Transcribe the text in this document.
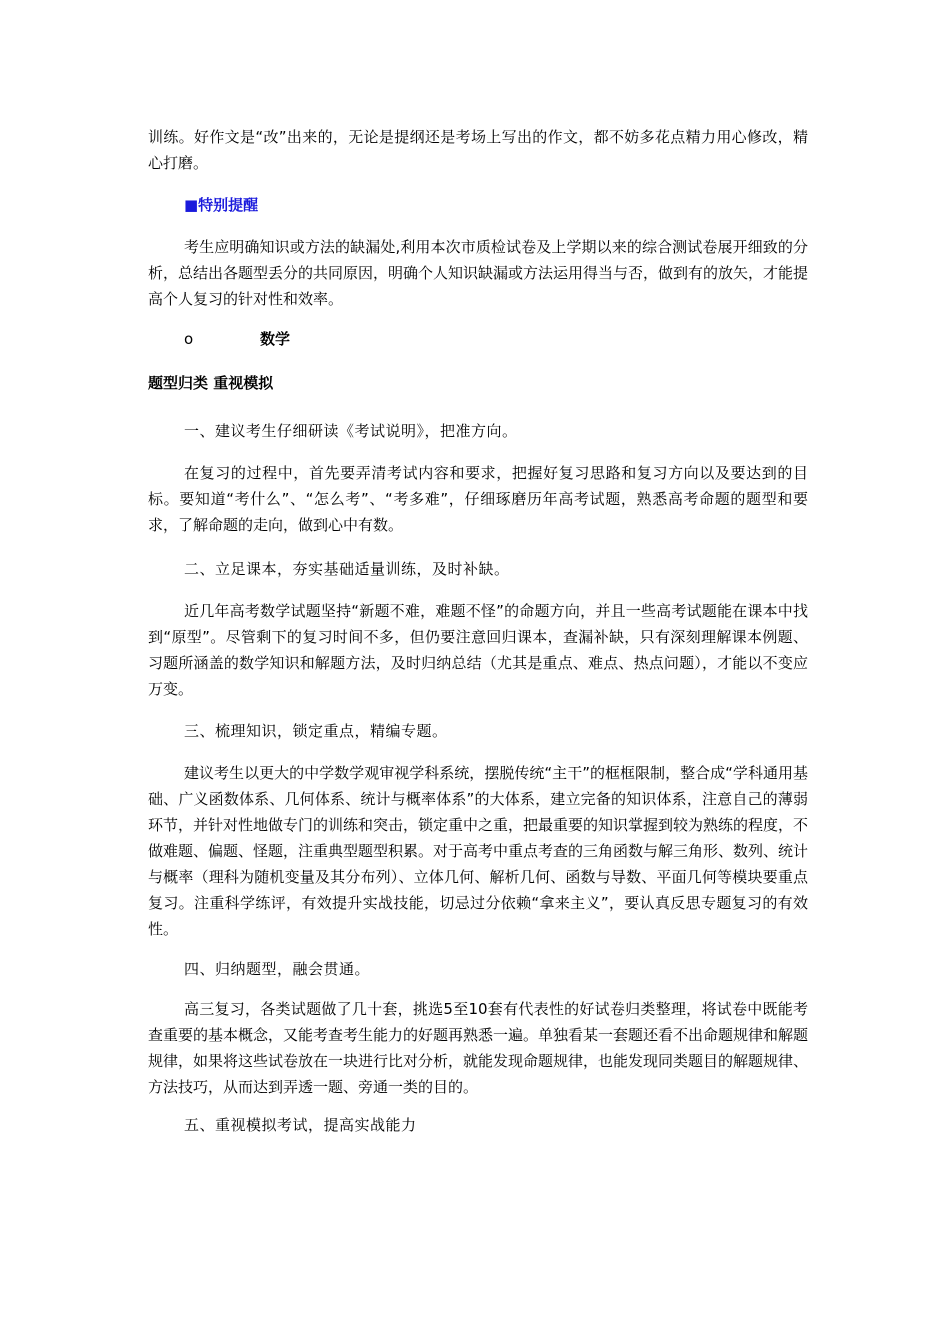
训练。好作文是“改”出来的，无论是提纲还是考场上写出的作文，都不妨多花点精力用心修改，精心打磨。

■特别提醒

考生应明确知识或方法的缺漏处,利用本次市质检试卷及上学期以来的综合测试卷展开细致的分析，总结出各题型丢分的共同原因，明确个人知识缺漏或方法运用得当与否，做到有的放矢，才能提高个人复习的针对性和效率。

o	数学
题型归类 重视模拟
一、建议考生仔细研读《考试说明》，把准方向。

在复习的过程中，首先要弄清考试内容和要求，把握好复习思路和复习方向以及要达到的目标。要知道“考什么”、“怎么考”、“考多难”，仔细琢磨历年高考试题，熟悉高考命题的题型和要求，了解命题的走向，做到心中有数。

二、立足课本，夯实基础适量训练，及时补缺。

近几年高考数学试题坚持“新题不难，难题不怪”的命题方向，并且一些高考试题能在课本中找到“原型”。尽管剩下的复习时间不多，但仍要注意回归课本，查漏补缺，只有深刻理解课本例题、习题所涵盖的数学知识和解题方法，及时归纳总结（尤其是重点、难点、热点问题），才能以不变应万变。

三、梳理知识，锁定重点，精编专题。

建议考生以更大的中学数学观审视学科系统，摆脱传统“主干”的框框限制，整合成“学科通用基础、广义函数体系、几何体系、统计与概率体系”的大体系，建立完备的知识体系，注意自己的薄弱环节，并针对性地做专门的训练和突击，锁定重中之重，把最重要的知识掌握到较为熟练的程度，不做难题、偏题、怪题，注重典型题型积累。对于高考中重点考查的三角函数与解三角形、数列、统计与概率（理科为随机变量及其分布列）、立体几何、解析几何、函数与导数、平面几何等模块要重点复习。注重科学练评，有效提升实战技能，切忌过分依赖“拿来主义”，要认真反思专题复习的有效性。

四、归纳题型，融会贯通。

高三复习，各类试题做了几十套，挑选5至10套有代表性的好试卷归类整理，将试卷中既能考查重要的基本概念，又能考查考生能力的好题再熟悉一遍。单独看某一套题还看不出命题规律和解题规律，如果将这些试卷放在一块进行比对分析，就能发现命题规律，也能发现同类题目的解题规律、方法技巧，从而达到弄透一题、旁通一类的目的。

五、重视模拟考试，提高实战能力
